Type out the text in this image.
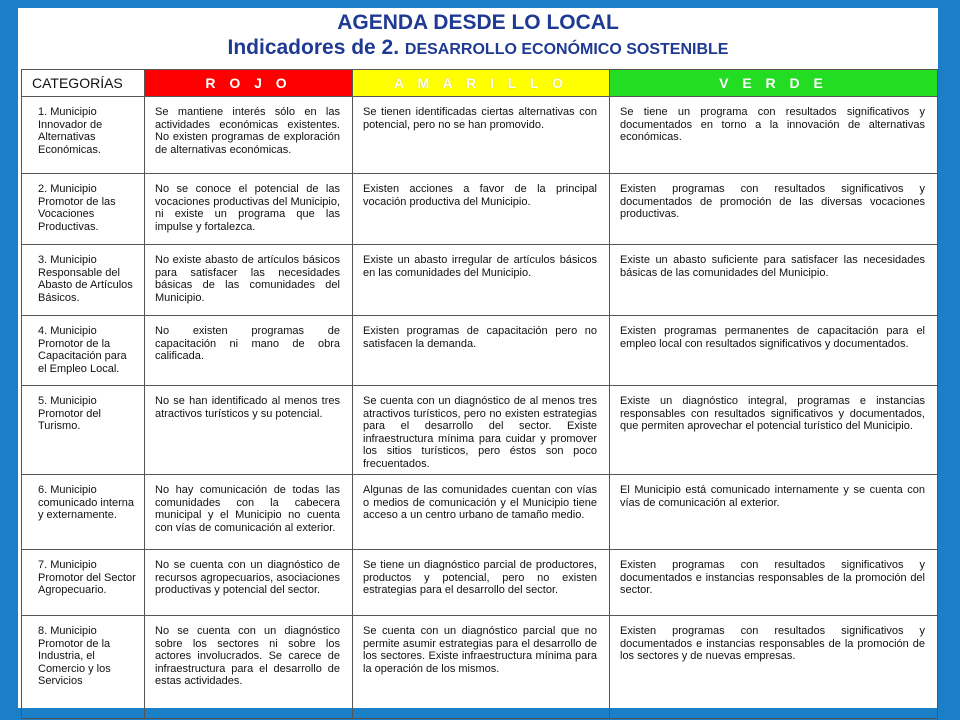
AGENDA DESDE LO LOCAL
Indicadores de 2. DESARROLLO ECONÓMICO SOSTENIBLE
CATEGORÍAS	R O J O	A M A R I L L O	V E R D E
1. Municipio Innovador de Alternativas Económicas.	Se mantiene interés sólo en las actividades económicas existentes. No existen programas de exploración de alternativas económicas.	Se tienen identificadas ciertas alternativas con potencial, pero no se han promovido.	Se tiene un programa con resultados significativos y documentados en torno a la innovación de alternativas económicas.
2. Municipio Promotor de las Vocaciones Productivas.	No se conoce el potencial de las vocaciones productivas del Municipio, ni existe un programa que las impulse y fortalezca.	Existen acciones a favor de la principal vocación productiva del Municipio.	Existen programas con resultados significativos y documentados de promoción de las diversas vocaciones productivas.
3. Municipio Responsable del Abasto de Artículos Básicos.	No existe abasto de artículos básicos para satisfacer las necesidades básicas de las comunidades del Municipio.	Existe un abasto irregular de artículos básicos en las comunidades del Municipio.	Existe un abasto suficiente para satisfacer las necesidades básicas de las comunidades del Municipio.
4. Municipio Promotor de la Capacitación para el Empleo Local.	No existen programas de capacitación ni mano de obra calificada.	Existen programas de capacitación pero no satisfacen la demanda.	Existen programas permanentes de capacitación para el empleo local con resultados significativos y documentados.
5. Municipio Promotor del Turismo.	No se han identificado al menos tres atractivos turísticos y su potencial.	Se cuenta con un diagnóstico de al menos tres atractivos turísticos, pero no existen estrategias para el desarrollo del sector. Existe infraestructura mínima para cuidar y promover los sitios turísticos, pero éstos son poco frecuentados.	Existe un diagnóstico integral, programas e instancias responsables con resultados significativos y documentados, que permiten aprovechar el potencial turístico del Municipio.
6. Municipio comunicado interna y externamente.	No hay comunicación de todas las comunidades con la cabecera municipal y el Municipio no cuenta con vías de comunicación al exterior.	Algunas de las comunidades cuentan con vías o medios de comunicación y el Municipio tiene acceso a un centro urbano de tamaño medio.	El Municipio está comunicado internamente y se cuenta con vías de comunicación al exterior.
7. Municipio Promotor del Sector Agropecuario.	No se cuenta con un diagnóstico de recursos agropecuarios, asociaciones productivas y potencial del sector.	Se tiene un diagnóstico parcial de productores, productos y potencial, pero no existen estrategias para el desarrollo del sector.	Existen programas con resultados significativos y documentados e instancias responsables de la promoción del sector.
8. Municipio Promotor de la Industria, el Comercio y los Servicios	No se cuenta con un diagnóstico sobre los sectores ni sobre los actores involucrados. Se carece de infraestructura para el desarrollo de estas actividades.	Se cuenta con un diagnóstico parcial que no permite asumir estrategias para el desarrollo de los sectores. Existe infraestructura mínima para la operación de los mismos.	Existen programas con resultados significativos y documentados e instancias responsables de la promoción de los sectores y de nuevas empresas.
